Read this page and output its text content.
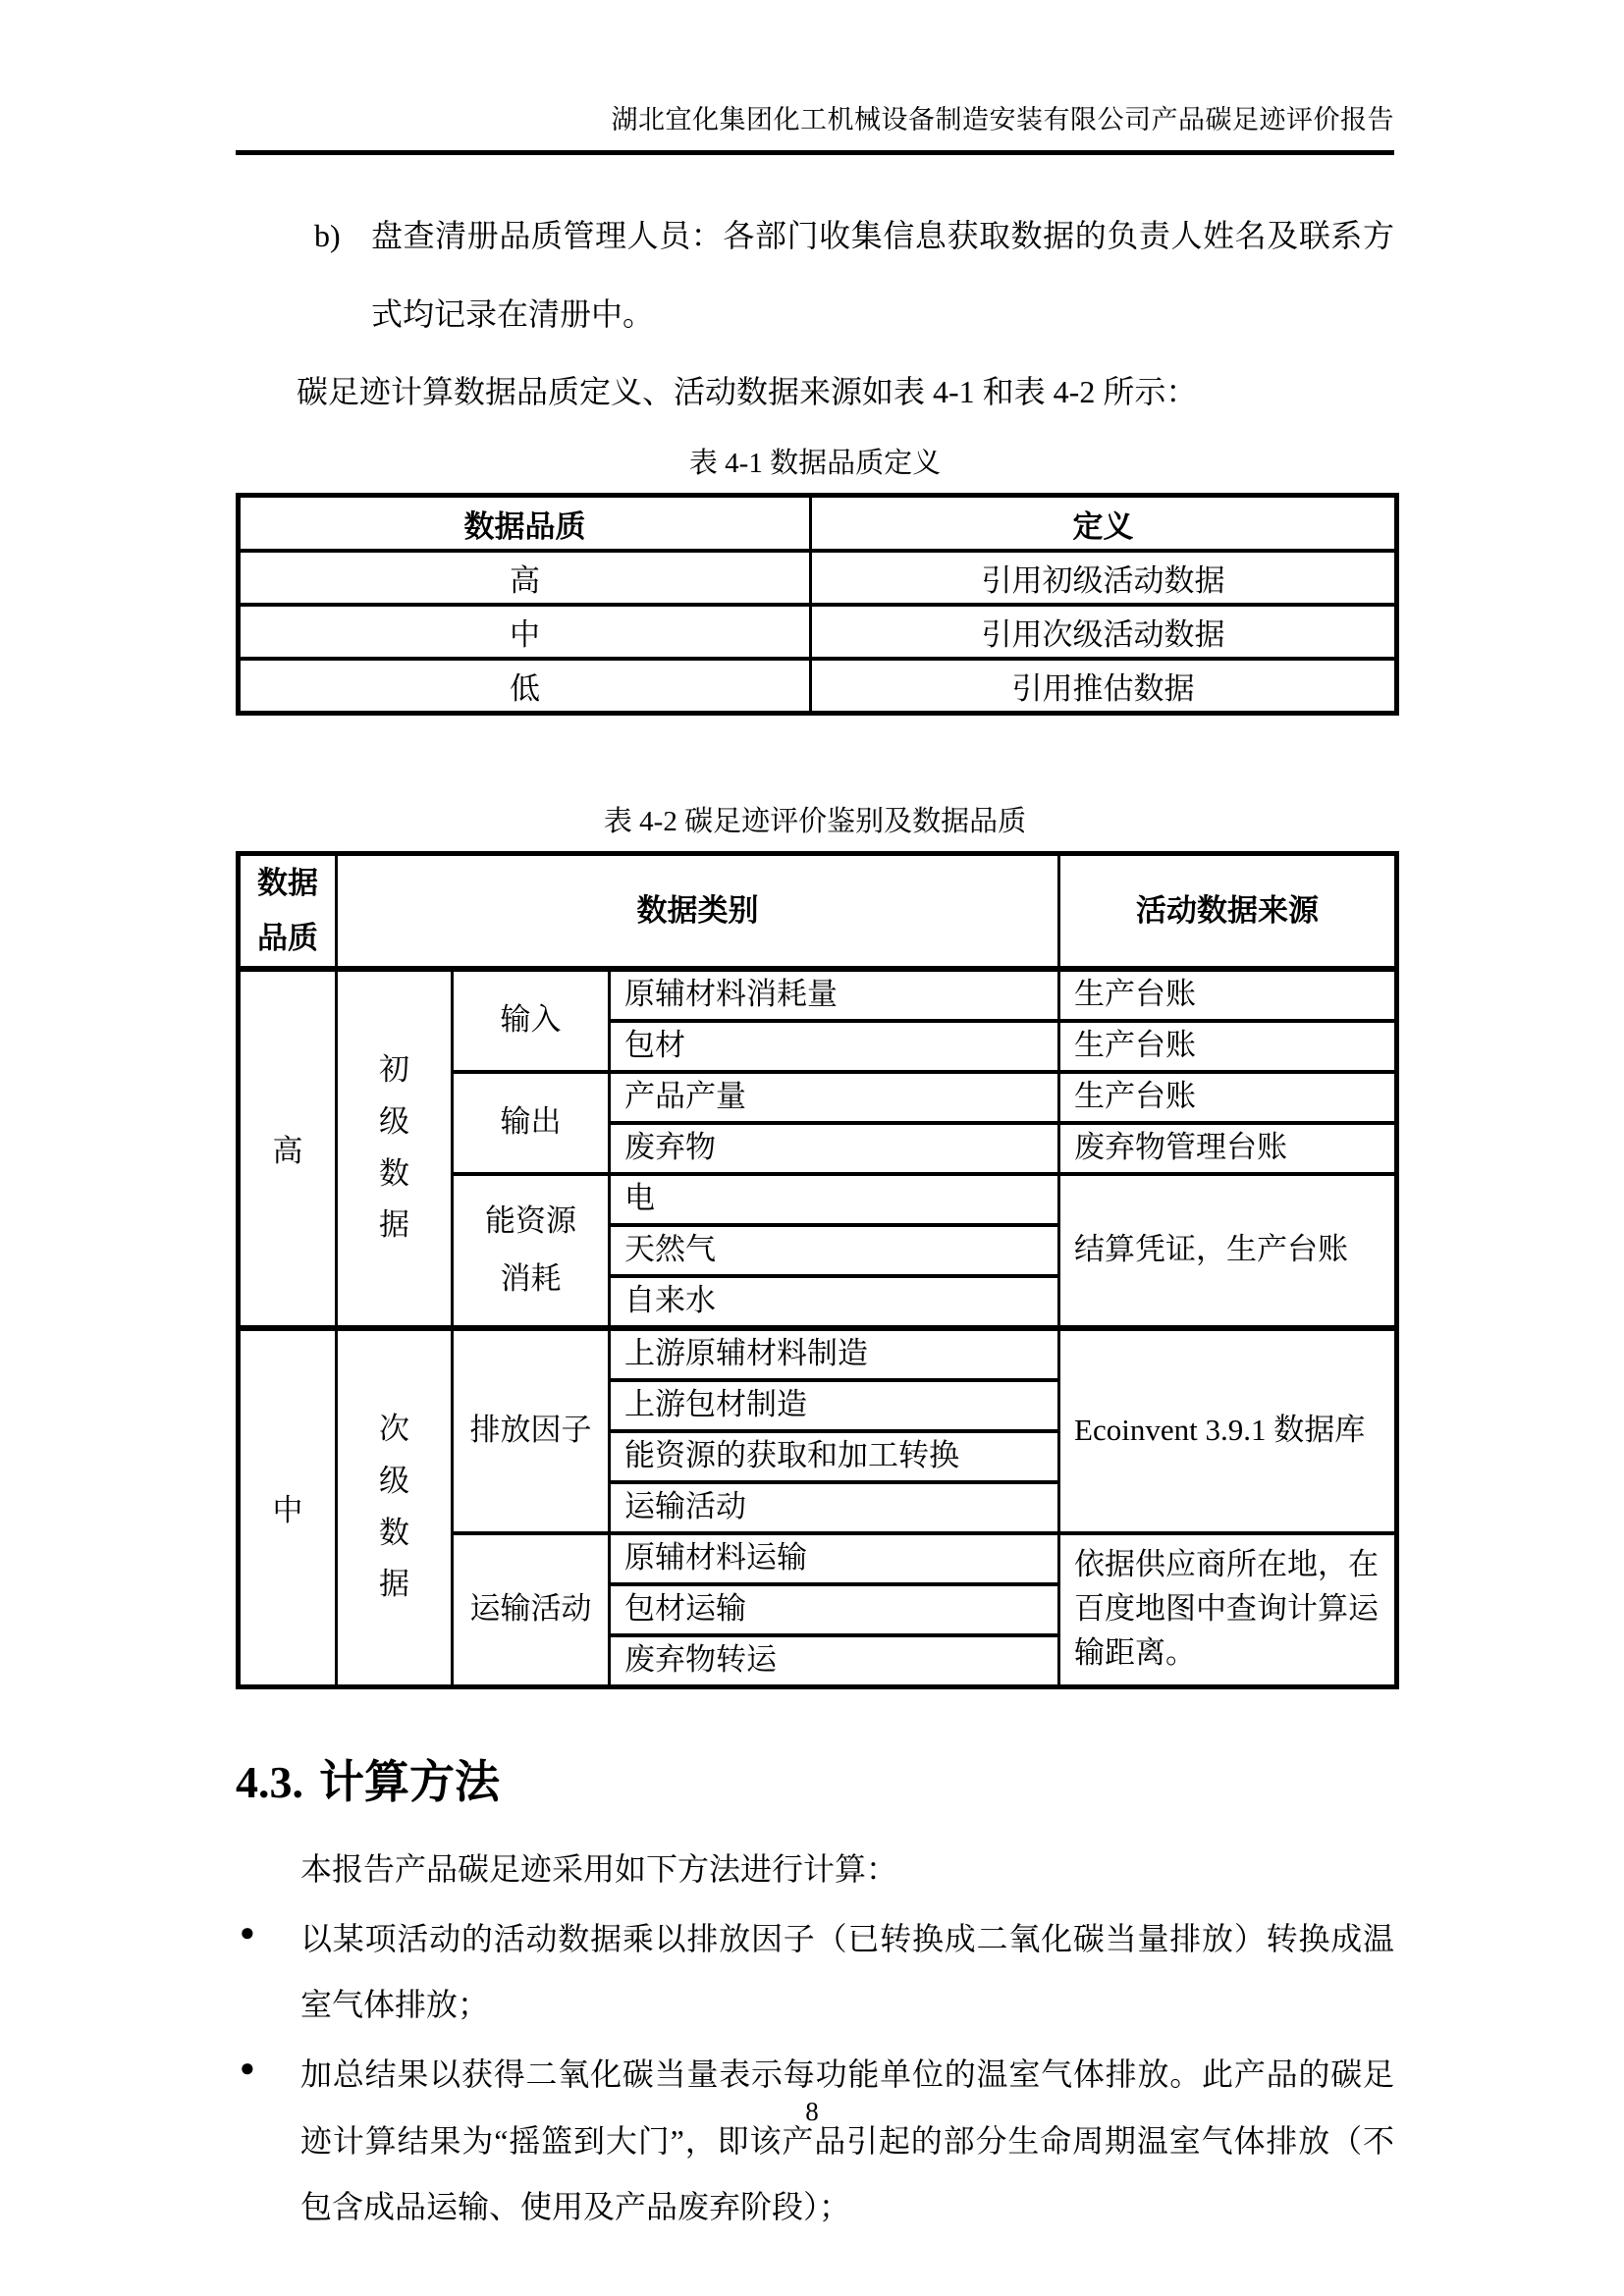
湖北宜化集团化工机械设备制造安装有限公司产品碳足迹评价报告
b) 盘查清册品质管理人员：各部门收集信息获取数据的负责人姓名及联系方式均记录在清册中。
碳足迹计算数据品质定义、活动数据来源如表 4-1 和表 4-2 所示：
表 4-1 数据品质定义
数据品质	定义
高	引用初级活动数据
中	引用次级活动数据
低	引用推估数据
表 4-2 碳足迹评价鉴别及数据品质
数据品质	数据类别			活动数据来源
高	初级数据	输入	原辅材料消耗量	生产台账
			包材	生产台账
		输出	产品产量	生产台账
			废弃物	废弃物管理台账

		能资源消耗	电	结算凭证，生产台账
			天然气	
			自来水	
中	次级数据	排放因子	上游原辅材料制造	Ecoinvent 3.9.1 数据库
			上游包材制造	
			能资源的获取和加工转换	
			运输活动	
		运输活动	原辅材料运输	依据供应商所在地，在百度地图中查询计算运输距离。
			包材运输	
			废弃物转运	
4.3. 计算方法
本报告产品碳足迹采用如下方法进行计算：
●	以某项活动的活动数据乘以排放因子（已转换成二氧化碳当量排放）转换成温室气体排放；
●	加总结果以获得二氧化碳当量表示每功能单位的温室气体排放。此产品的碳足迹计算结果为“摇篮到大门”，即该产品引起的部分生命周期温室气体排放（不包含成品运输、使用及产品废弃阶段）；
8
